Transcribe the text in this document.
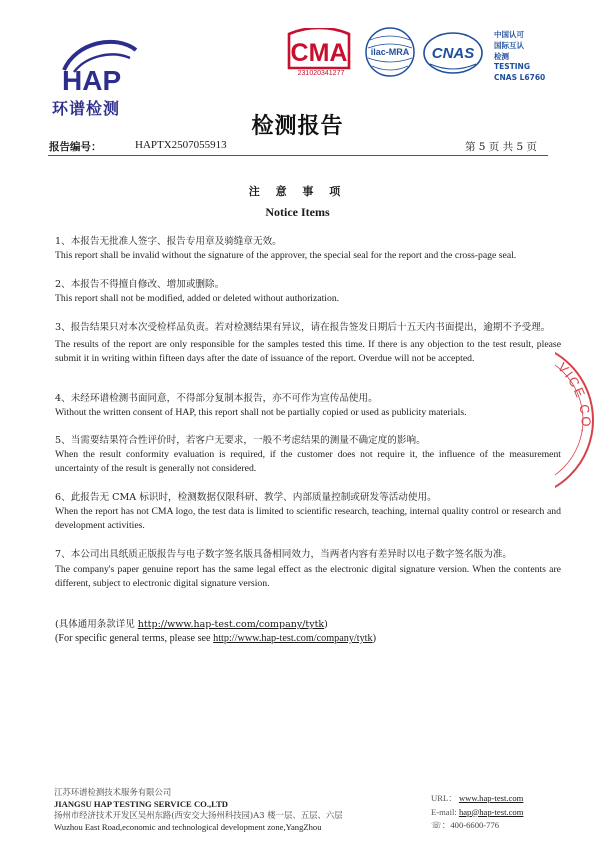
HAP
环谱检测
CMA
231020341277
ilac-MRA CNAS
中国认可
国际互认
检测
TESTING
CNAS L6760
检测报告
报告编号：	HAPTX2507055913	第 5 页 共 5 页
注 意 事 项
Notice Items
1、本报告无批准人签字、报告专用章及骑缝章无效。
This report shall be invalid without the signature of the approver, the special seal for the report and the cross-page seal.
2、本报告不得擅自修改、增加或删除。
This report shall not be modified, added or deleted without authorization.
3、报告结果只对本次受检样品负责。若对检测结果有异议，请在报告签发日期后十五天内书面提出，逾期不予受理。
The results of the report are only responsible for the samples tested this time. If there is any objection to the test result, please submit it in writing within fifteen days after the date of issuance of the report. Overdue will not be accepted.
4、未经环谱检测书面同意，不得部分复制本报告，亦不可作为宣传品使用。
Without the written consent of HAP, this report shall not be partially copied or used as publicity materials.
5、当需要结果符合性评价时，若客户无要求，一般不考虑结果的测量不确定度的影响。
When the result conformity evaluation is required, if the customer does not require it, the influence of the measurement uncertainty of the result is generally not considered.
6、此报告无 CMA 标识时，检测数据仅限科研、教学、内部质量控制或研发等活动使用。
When the report has not CMA logo, the test data is limited to scientific research, teaching, internal quality control or research and development activities.
7、本公司出具纸质正版报告与电子数字签名版具备相同效力，当两者内容有差异时以电子数字签名版为准。
The company's paper genuine report has the same legal effect as the electronic digital signature version. When the contents are different, subject to electronic digital signature version.
(具体通用条款详见 http://www.hap-test.com/company/tytk)
(For specific general terms, please see http://www.hap-test.com/company/tytk)
VICE CO.
江苏环谱检测技术服务有限公司
JIANGSU HAP TESTING SERVICE CO.,LTD
扬州市经济技术开发区吴州东路(西安交大扬州科技园)A3 楼一层、五层、六层
Wuzhou East Road,economic and technological development zone,YangZhou
URL： www.hap-test.com
E-mail: hap@hap-test.com
☏：400-6600-776
